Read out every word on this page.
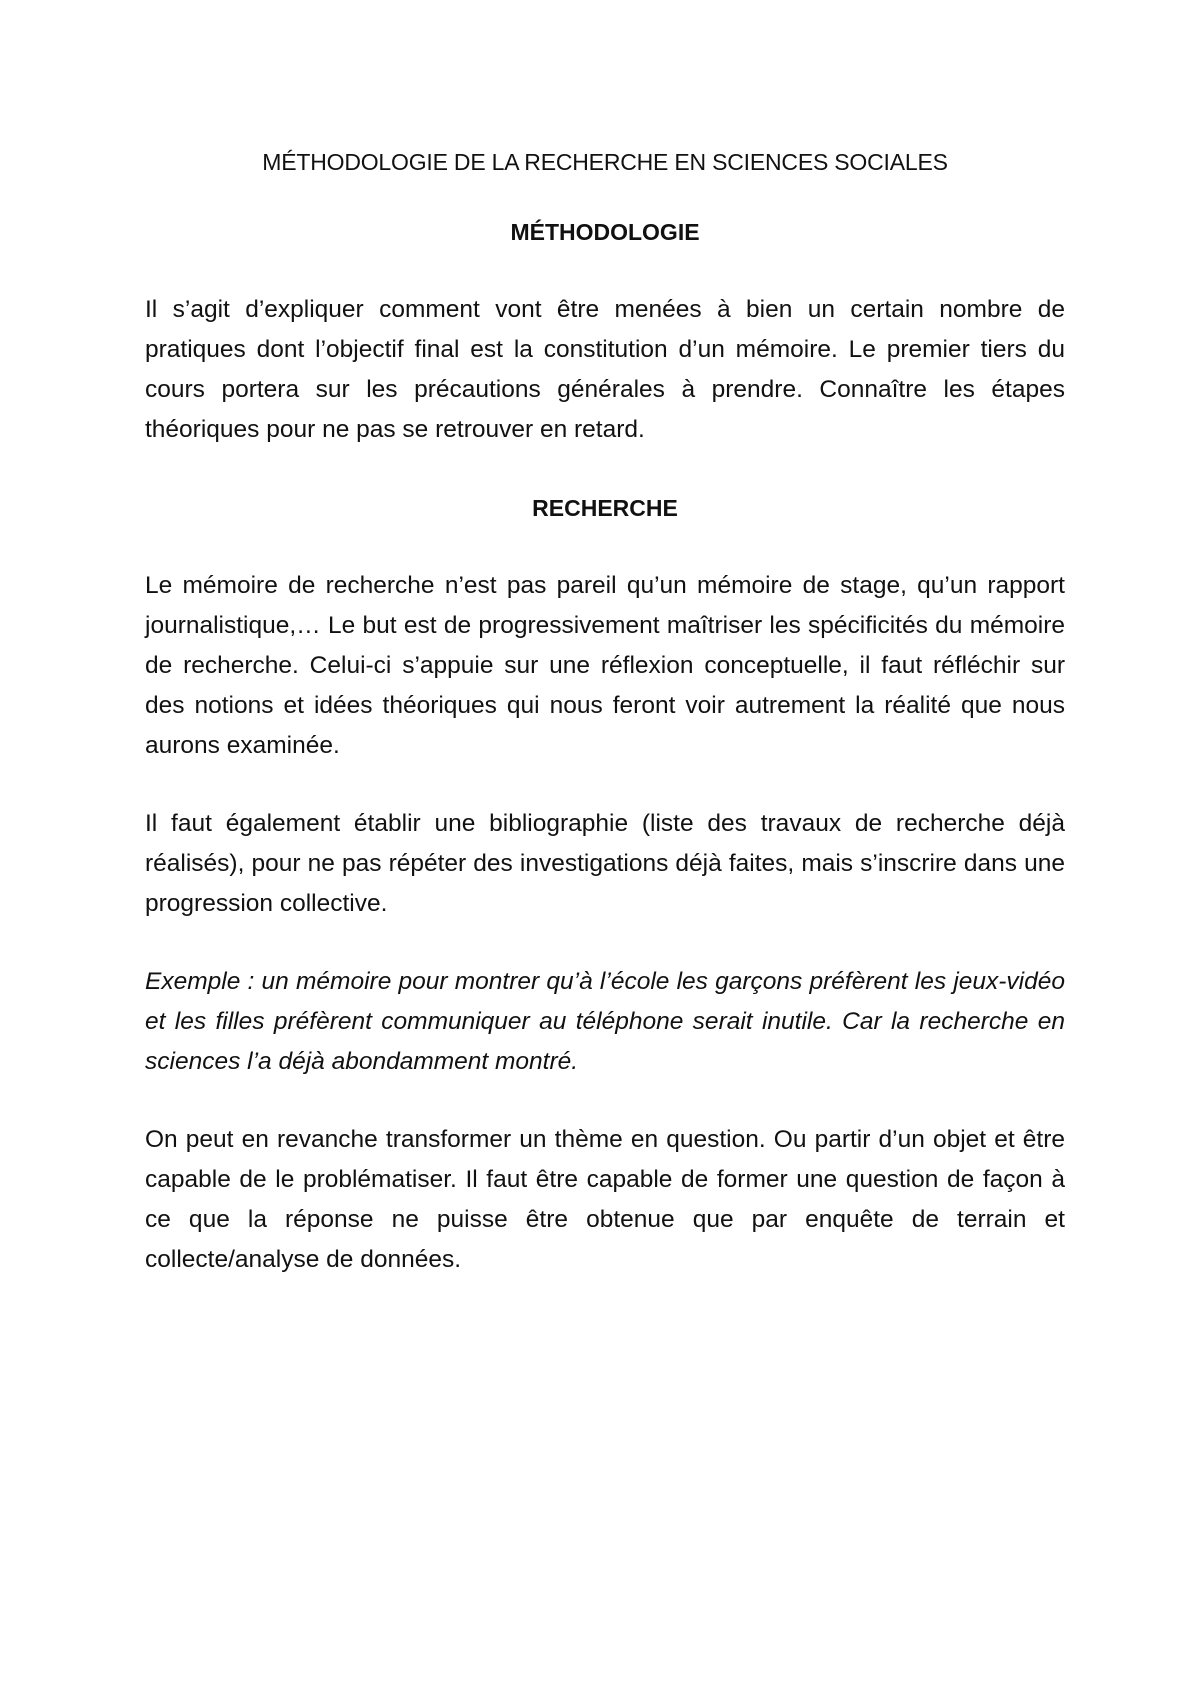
MÉTHODOLOGIE DE LA RECHERCHE EN SCIENCES SOCIALES
MÉTHODOLOGIE

Il s’agit d’expliquer comment vont être menées à bien un certain nombre de pratiques dont l’objectif final est la constitution d’un mémoire. Le premier tiers du cours portera sur les précautions générales à prendre. Connaître les étapes théoriques pour ne pas se retrouver en retard.

RECHERCHE

Le mémoire de recherche n’est pas pareil qu’un mémoire de stage, qu’un rapport journalistique,… Le but est de progressivement maîtriser les spécificités du mémoire de recherche. Celui-ci s’appuie sur une réflexion conceptuelle, il faut réfléchir sur des notions et idées théoriques qui nous feront voir autrement la réalité que nous aurons examinée.

Il faut également établir une bibliographie (liste des travaux de recherche déjà réalisés), pour ne pas répéter des investigations déjà faites, mais s’inscrire dans une progression collective.

Exemple : un mémoire pour montrer qu’à l’école les garçons préfèrent les jeux-vidéo et les filles préfèrent communiquer au téléphone serait inutile. Car la recherche en sciences l’a déjà abondamment montré.

On peut en revanche transformer un thème en question. Ou partir d’un objet et être capable de le problématiser. Il faut être capable de former une question de façon à ce que la réponse ne puisse être obtenue que par enquête de terrain et collecte/analyse de données.
